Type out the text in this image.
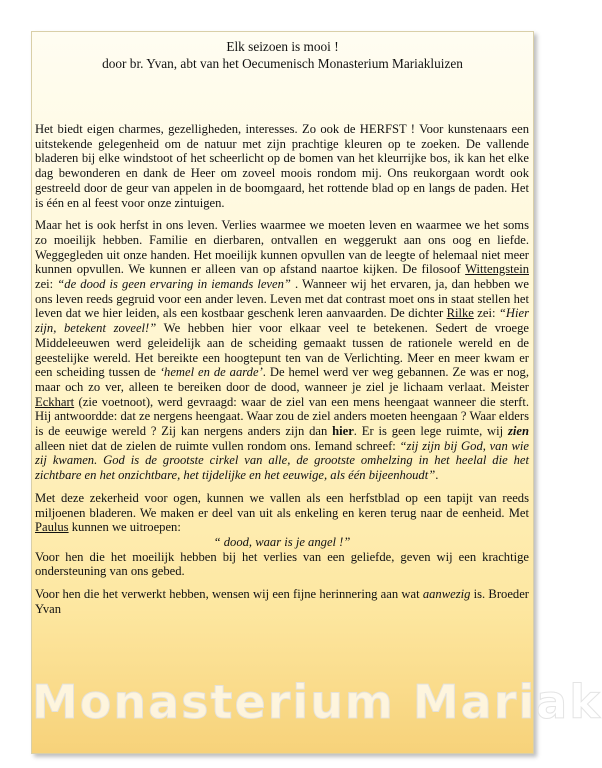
Elk seizoen is mooi !

door br. Yvan, abt van het Oecumenisch Monasterium Mariakluizen

Het biedt eigen charmes, gezelligheden, interesses. Zo ook de HERFST ! Voor kunstenaars een uitstekende gelegenheid om de natuur met zijn prachtige kleuren op te zoeken. De vallende bladeren bij elke windstoot of het scheerlicht op de bomen van het kleurrijke bos, ik kan het elke dag bewonderen en dank de Heer om zoveel moois rondom mij. Ons reukorgaan wordt ook gestreeld door de geur van appelen in de boomgaard, het rottende blad op en langs de paden. Het is één en al feest voor onze zintuigen.

Maar het is ook herfst in ons leven. Verlies waarmee we moeten leven en waarmee we het soms zo moeilijk hebben. Familie en dierbaren, ontvallen en weggerukt aan ons oog en liefde. Weggegleden uit onze handen. Het moeilijk kunnen opvullen van de leegte of helemaal niet meer kunnen opvullen. We kunnen er alleen van op afstand naartoe kijken. De filosoof Wittengstein zei: “de dood is geen ervaring in iemands leven” . Wanneer wij het ervaren, ja, dan hebben we ons leven reeds gegruid voor een ander leven. Leven met dat contrast moet ons in staat stellen het leven dat we hier leiden, als een kostbaar geschenk leren aanvaarden. De dichter Rilke zei: “Hier zijn, betekent zoveel!” We hebben hier voor elkaar veel te betekenen. Sedert de vroege Middeleeuwen werd geleidelijk aan de scheiding gemaakt tussen de rationele wereld en de geestelijke wereld. Het bereikte een hoogtepunt ten van de Verlichting. Meer en meer kwam er een scheiding tussen de ‘hemel en de aarde’. De hemel werd ver weg gebannen. Ze was er nog, maar och zo ver, alleen te bereiken door de dood, wanneer je ziel je lichaam verlaat. Meister Eckhart (zie voetnoot), werd gevraagd: waar de ziel van een mens heengaat wanneer die sterft. Hij antwoordde: dat ze nergens heengaat. Waar zou de ziel anders moeten heengaan ? Waar elders is de eeuwige wereld ? Zij kan nergens anders zijn dan hier. Er is geen lege ruimte, wij zien alleen niet dat de zielen de ruimte vullen rondom ons. Iemand schreef: “zij zijn bij God, van wie zij kwamen. God is de grootste cirkel van alle, de grootste omhelzing in het heelal die het zichtbare en het onzichtbare, het tijdelijke en het eeuwige, als één bijeenhoudt”.

Met deze zekerheid voor ogen, kunnen we vallen als een herfstblad op een tapijt van reeds miljoenen bladeren. We maken er deel van uit als enkeling en keren terug naar de eenheid. Met Paulus kunnen we uitroepen:

“ dood, waar is je angel !”

Voor hen die het moeilijk hebben bij het verlies van een geliefde, geven wij een krachtige ondersteuning van ons gebed.

Voor hen die het verwerkt hebben, wensen wij een fijne herinnering aan wat aanwezig is. Broeder Yvan

Monasterium Mariak
